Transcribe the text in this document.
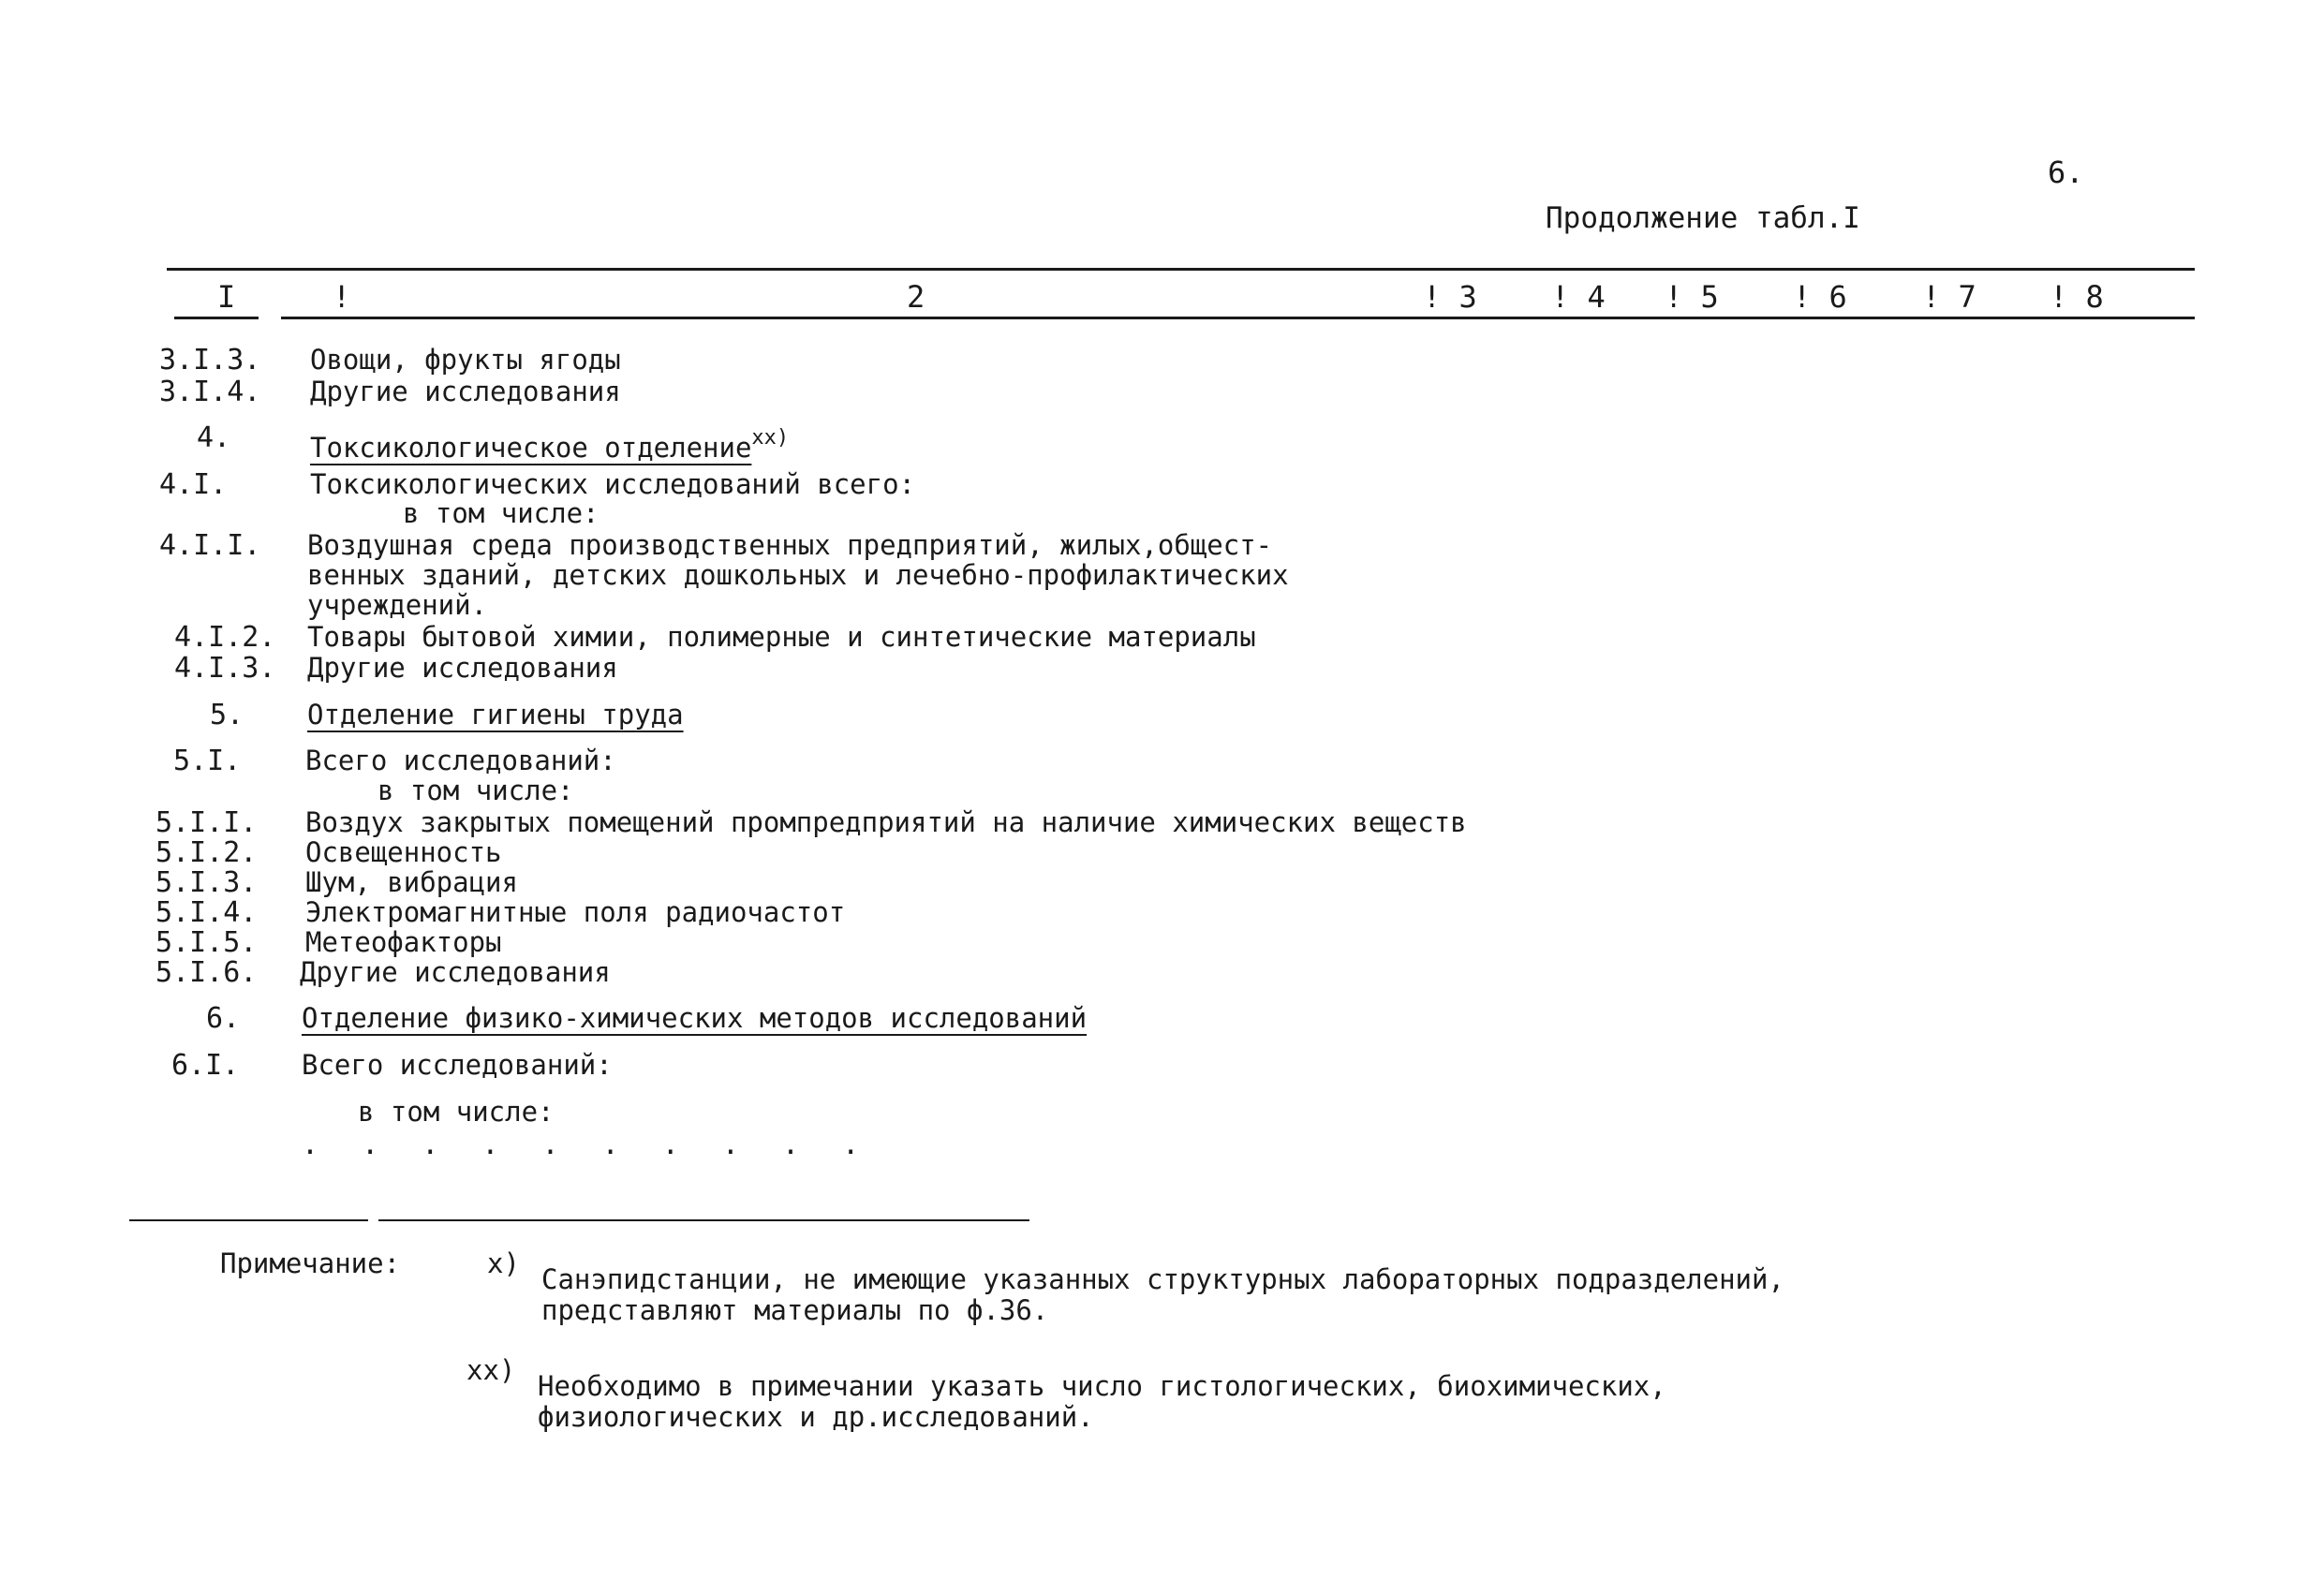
6.
Продолжение табл.I
I	!	2	! 3 ! 4 ! 5 ! 6	! 7 ! 8
3.I.3. Овощи, фрукты ягоды
3.I.4. Другие исследования
4.	Токсикологическое отделение$^{xx)}$
4.I.	Токсикологических исследований всего:
в том числе:
4.I.I. Воздушная среда производственных предприятий, жилых,общест-
венных зданий, детских дошкольных и лечебно-профилактических
учреждений.
4.I.2. Товары бытовой химии, полимерные и синтетические материалы
4.I.3. Другие исследования
5. Отделение гигиены труда
5.I. Всего исследований:
в том числе:
5.I.I. Воздух закрытых помещений промпредприятий на наличие химических веществ
5.I.2. Освещенность
5.I.3. Шум, вибрация
5.I.4. Электромагнитные поля радиочастот
5.I.5. Метеофакторы
5.I.6. Другие исследования
6. Отделение физико-химических методов исследований
6.I. Всего исследований:
в том числе:
. . . . . . . . . .
Примечание:	x) Санэпидстанции, не имеющие указанных структурных лабораторных подразделений,
представляют материалы по ф.36.
xx) Необходимо в примечании указать число гистологических, биохимических,
физиологических и др.исследований.
